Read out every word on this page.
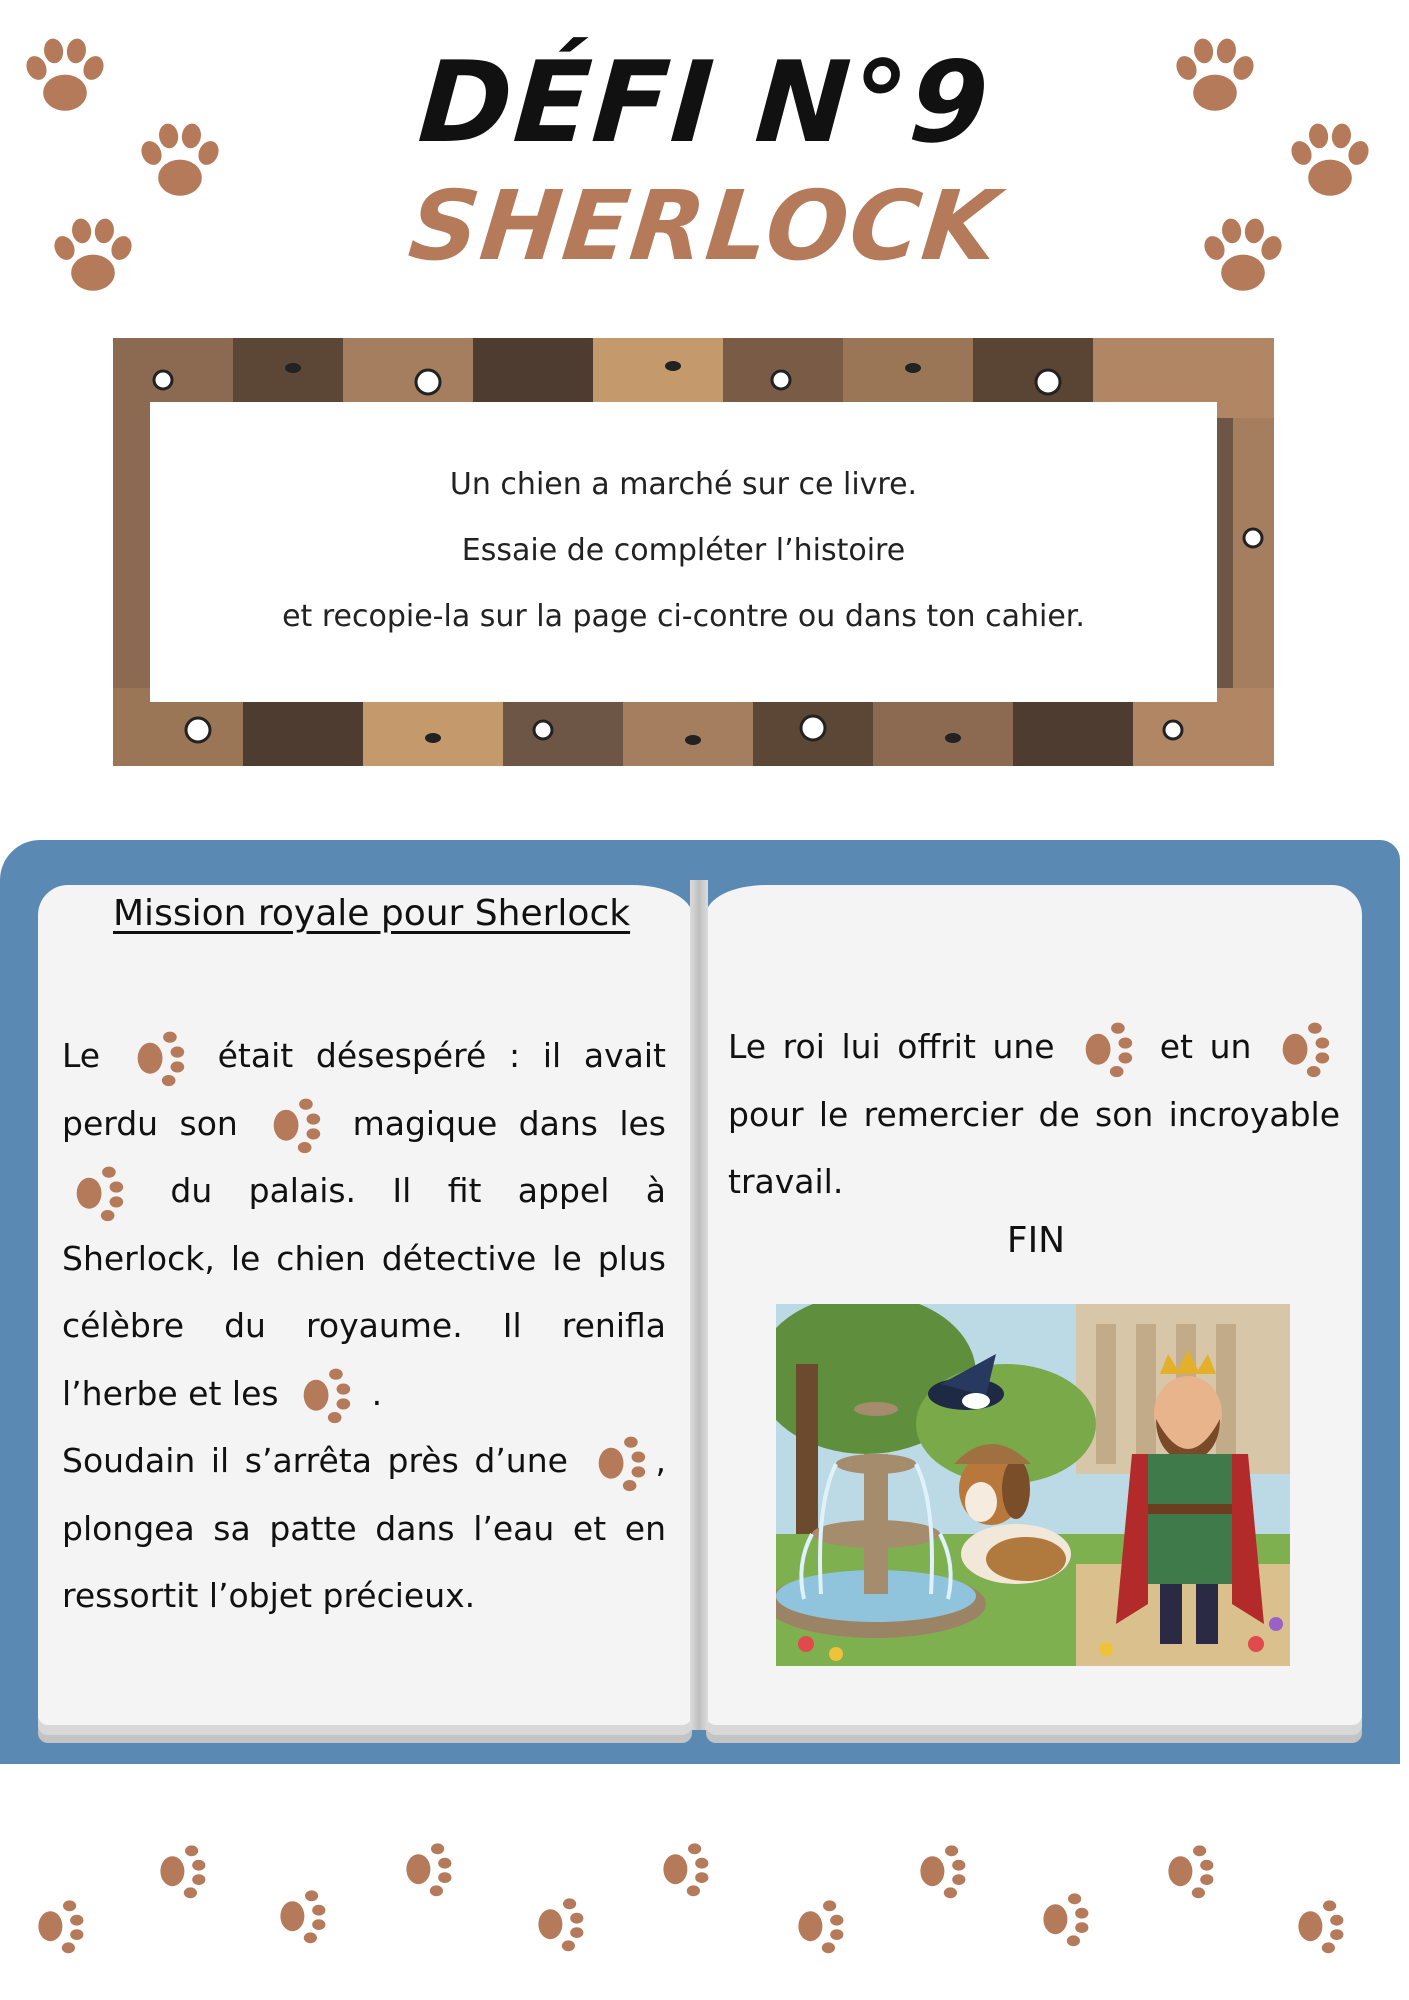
DÉFI N°9
SHERLOCK

Un chien a marché sur ce livre.

Essaie de compléter l’histoire

et recopie-la sur la page ci-contre ou dans ton cahier.

Mission royale pour Sherlock
Le	était désespéré : il avait perdu son	magique dans les
du palais. Il fit appel à Sherlock, le chien détective le plus célèbre du royaume. Il renifla l’herbe et les	.
Soudain il s’arrêta près d’une	, plongea sa patte dans l’eau et en ressortit l’objet précieux.
Le roi lui offrit une	et un
pour le remercier de son incroyable travail.
FIN
